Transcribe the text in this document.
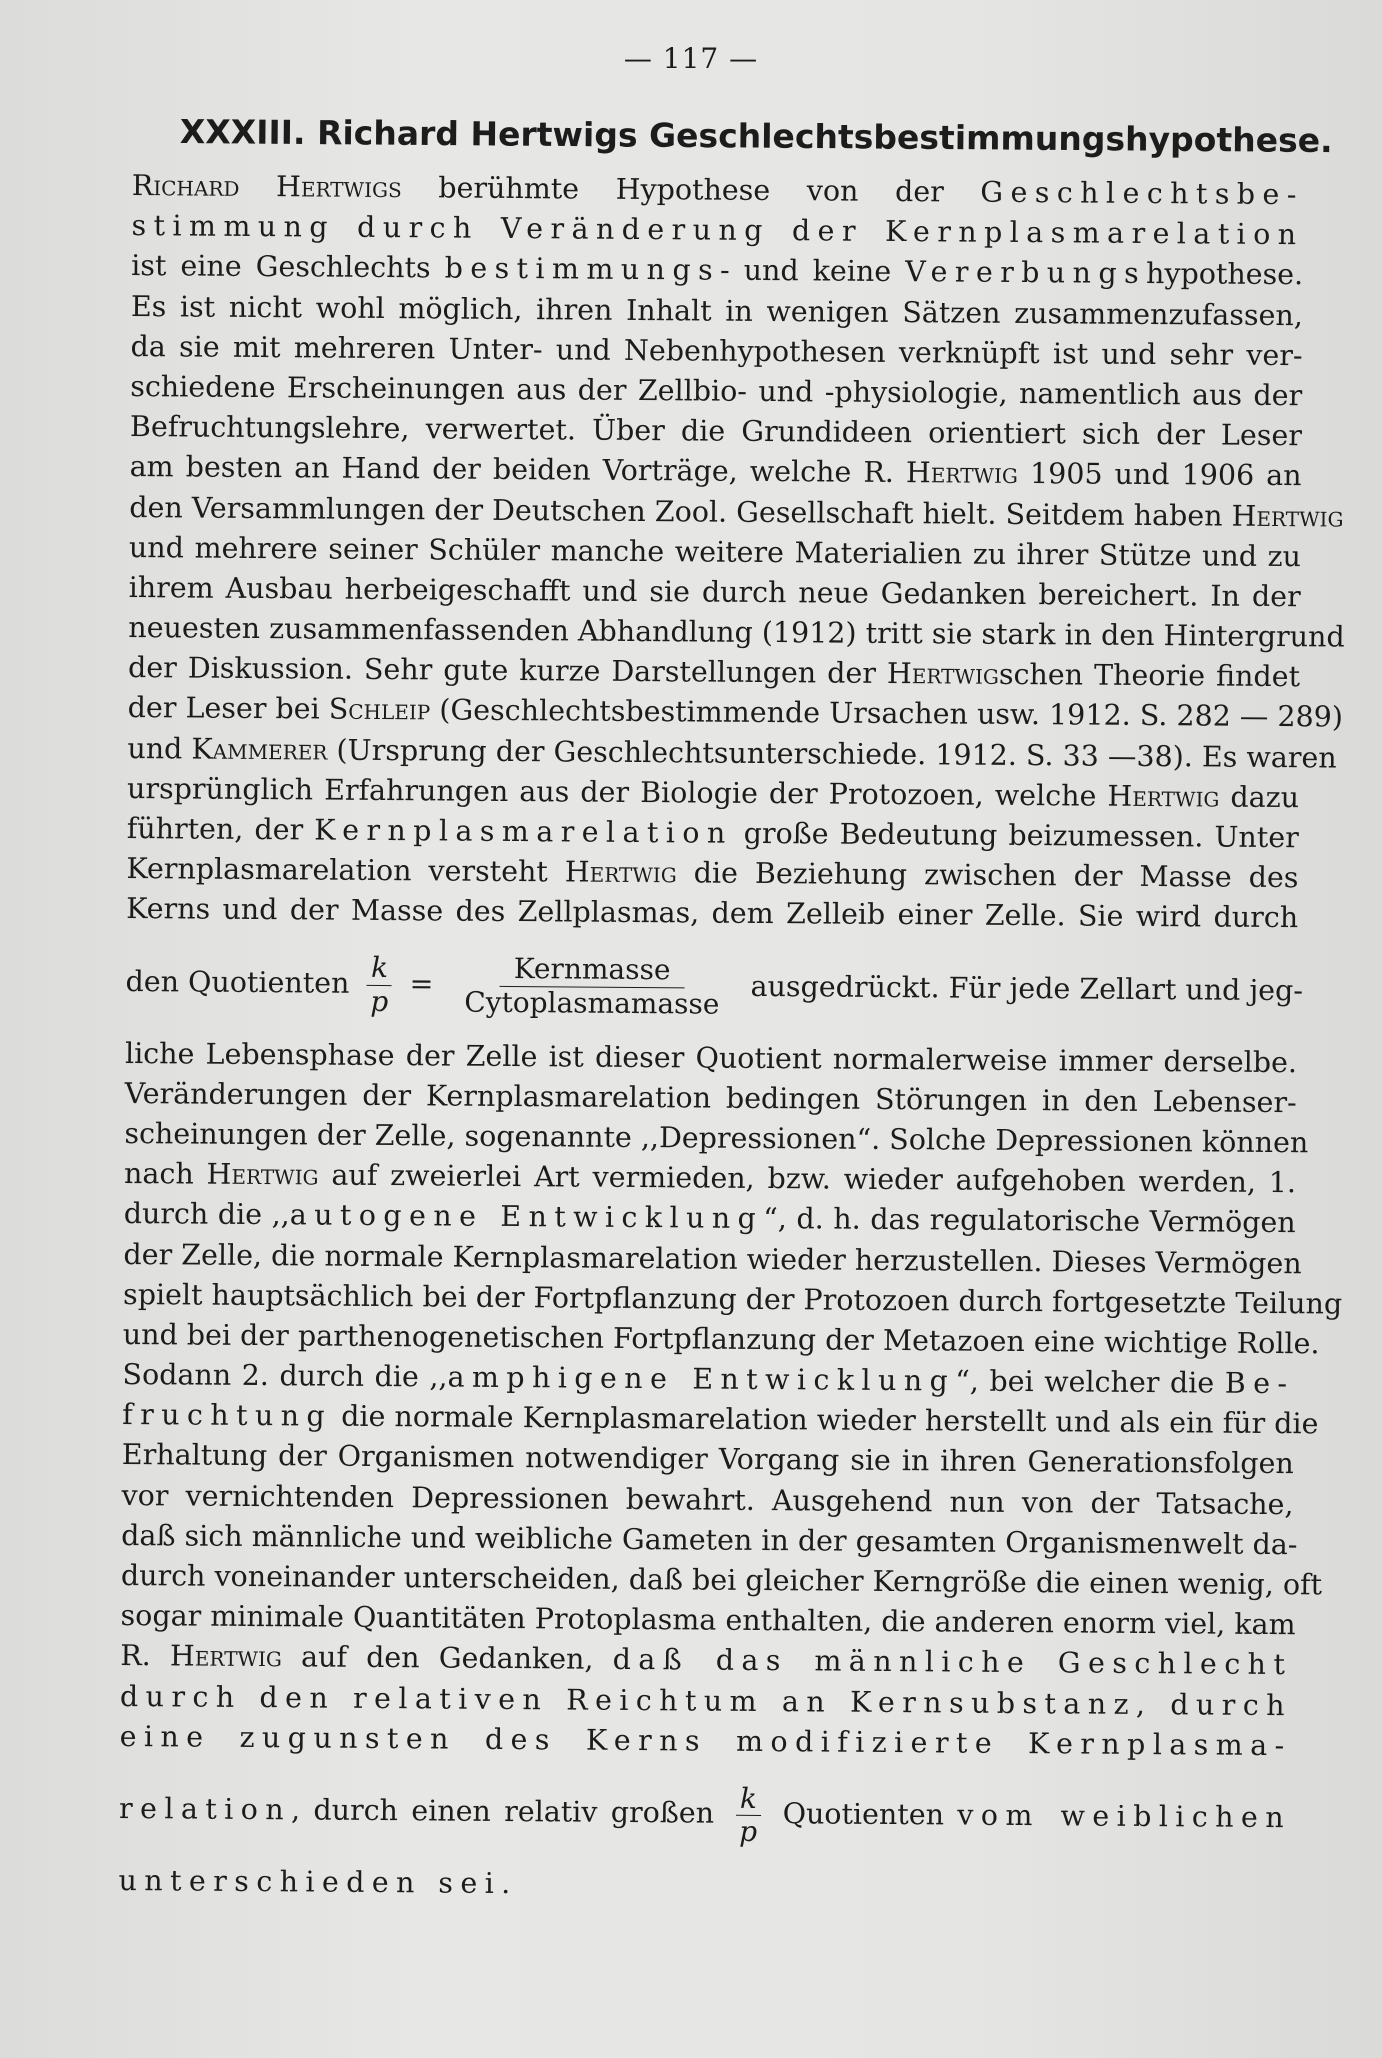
— 117 —
XXXIII. Richard Hertwigs Geschlechtsbestimmungshypothese.
Richard Hertwigs berühmte Hypothese von der Geschlechtsbe-
stimmung durch Veränderung der Kernplasmarelation
ist eine Geschlechts bestimmungs- und keine Vererbungshypothese.
Es ist nicht wohl möglich, ihren Inhalt in wenigen Sätzen zusammenzufassen,
da sie mit mehreren Unter- und Nebenhypothesen verknüpft ist und sehr ver-
schiedene Erscheinungen aus der Zellbio- und -physiologie, namentlich aus der
Befruchtungslehre, verwertet. Über die Grundideen orientiert sich der Leser
am besten an Hand der beiden Vorträge, welche R. Hertwig 1905 und 1906 an
den Versammlungen der Deutschen Zool. Gesellschaft hielt. Seitdem haben Hertwig
und mehrere seiner Schüler manche weitere Materialien zu ihrer Stütze und zu
ihrem Ausbau herbeigeschafft und sie durch neue Gedanken bereichert. In der
neuesten zusammenfassenden Abhandlung (1912) tritt sie stark in den Hintergrund
der Diskussion. Sehr gute kurze Darstellungen der Hertwigschen Theorie findet
der Leser bei Schleip (Geschlechtsbestimmende Ursachen usw. 1912. S. 282 — 289)
und Kammerer (Ursprung der Geschlechtsunterschiede. 1912. S. 33 —38). Es waren
ursprünglich Erfahrungen aus der Biologie der Protozoen, welche Hertwig dazu
führten, der Kernplasmarelation große Bedeutung beizumessen. Unter
Kernplasmarelation versteht Hertwig die Beziehung zwischen der Masse des
Kerns und der Masse des Zellplasmas, dem Zelleib einer Zelle. Sie wird durch
den Quotienten $\frac{k}{p} = \frac{\text{Kernmasse}}{\text{Cytoplasmamasse}}$ ausgedrückt. Für jede Zellart und jeg-
liche Lebensphase der Zelle ist dieser Quotient normalerweise immer derselbe.
Veränderungen der Kernplasmarelation bedingen Störungen in den Lebenser-
scheinungen der Zelle, sogenannte ,,Depressionen“. Solche Depressionen können
nach Hertwig auf zweierlei Art vermieden, bzw. wieder aufgehoben werden, 1.
durch die ,,autogene Entwicklung“, d. h. das regulatorische Vermögen
der Zelle, die normale Kernplasmarelation wieder herzustellen. Dieses Vermögen
spielt hauptsächlich bei der Fortpflanzung der Protozoen durch fortgesetzte Teilung
und bei der parthenogenetischen Fortpflanzung der Metazoen eine wichtige Rolle.
Sodann 2. durch die ,,amphigene Entwicklung“, bei welcher die Be-
fruchtung die normale Kernplasmarelation wieder herstellt und als ein für die
Erhaltung der Organismen notwendiger Vorgang sie in ihren Generationsfolgen
vor vernichtenden Depressionen bewahrt. Ausgehend nun von der Tatsache,
daß sich männliche und weibliche Gameten in der gesamten Organismenwelt da-
durch voneinander unterscheiden, daß bei gleicher Kerngröße die einen wenig, oft
sogar minimale Quantitäten Protoplasma enthalten, die anderen enorm viel, kam
R. Hertwig auf den Gedanken, daß das männliche Geschlecht
durch den relativen Reichtum an Kernsubstanz, durch
eine zugunsten des Kerns modifizierte Kernplasma-
relation, durch einen relativ großen $\frac{k}{p}$ Quotienten vom weiblichen
unterschieden sei.
